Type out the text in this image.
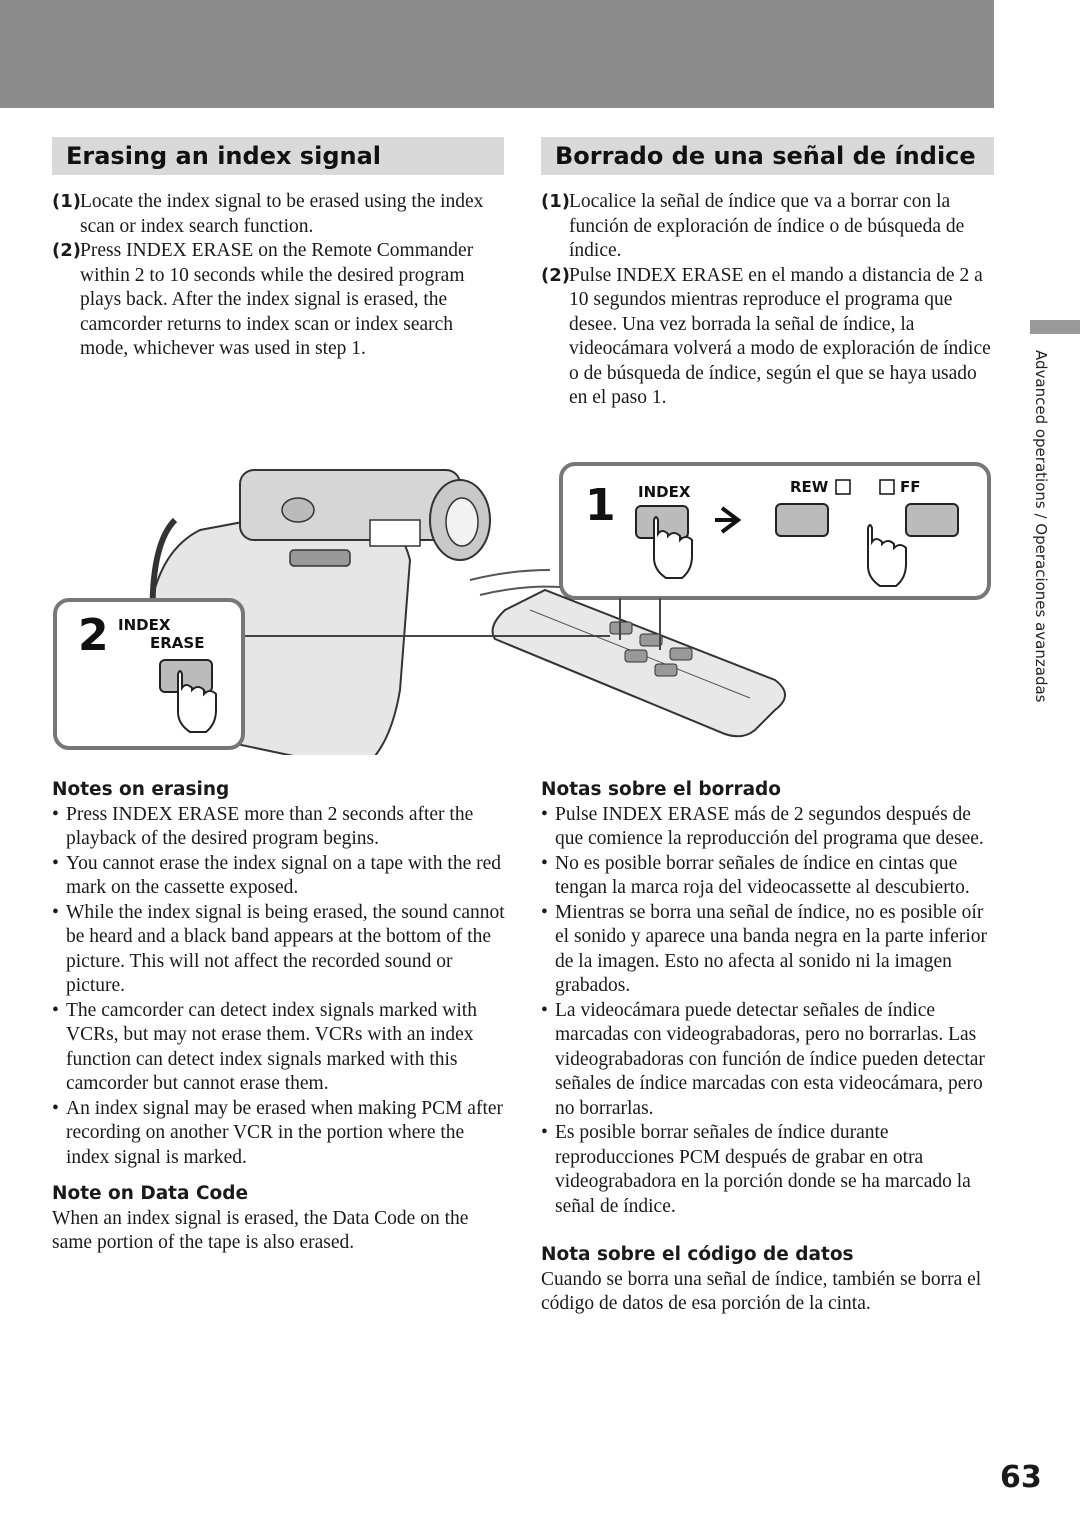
Advanced operations / Operaciones avanzadas
Erasing an index signal	Borrado de una señal de índice
(1) Locate the index signal to be erased using the index scan or index search function.
(2) Press INDEX ERASE on the Remote Commander within 2 to 10 seconds while the desired program plays back. After the index signal is erased, the camcorder returns to index scan or index search mode, whichever was used in step 1.
(1) Localice la señal de índice que va a borrar con la función de exploración de índice o de búsqueda de índice.
(2) Pulse INDEX ERASE en el mando a distancia de 2 a 10 segundos mientras reproduce el programa que desee. Una vez borrada la señal de índice, la videocámara volverá a modo de exploración de índice o de búsqueda de índice, según el que se haya usado en el paso 1.
1 INDEX	REW	FF
2 INDEX
ERASE

Notes on erasing

• Press INDEX ERASE more than 2 seconds after the playback of the desired program begins.
• You cannot erase the index signal on a tape with the red mark on the cassette exposed.
• While the index signal is being erased, the sound cannot be heard and a black band appears at the bottom of the picture. This will not affect the recorded sound or picture.
• The camcorder can detect index signals marked with VCRs, but may not erase them. VCRs with an index function can detect index signals marked with this camcorder but cannot erase them.
• An index signal may be erased when making PCM after recording on another VCR in the portion where the index signal is marked.

Note on Data Code

When an index signal is erased, the Data Code on the same portion of the tape is also erased.

Notas sobre el borrado

• Pulse INDEX ERASE más de 2 segundos después de que comience la reproducción del programa que desee.
• No es posible borrar señales de índice en cintas que tengan la marca roja del videocassette al descubierto.
• Mientras se borra una señal de índice, no es posible oír el sonido y aparece una banda negra en la parte inferior de la imagen. Esto no afecta al sonido ni la imagen grabados.
• La videocámara puede detectar señales de índice marcadas con videograbadoras, pero no borrarlas. Las videograbadoras con función de índice pueden detectar señales de índice marcadas con esta videocámara, pero no borrarlas.
• Es posible borrar señales de índice durante reproducciones PCM después de grabar en otra videograbadora en la porción donde se ha marcado la señal de índice.

Nota sobre el código de datos

Cuando se borra una señal de índice, también se borra el código de datos de esa porción de la cinta.

63
